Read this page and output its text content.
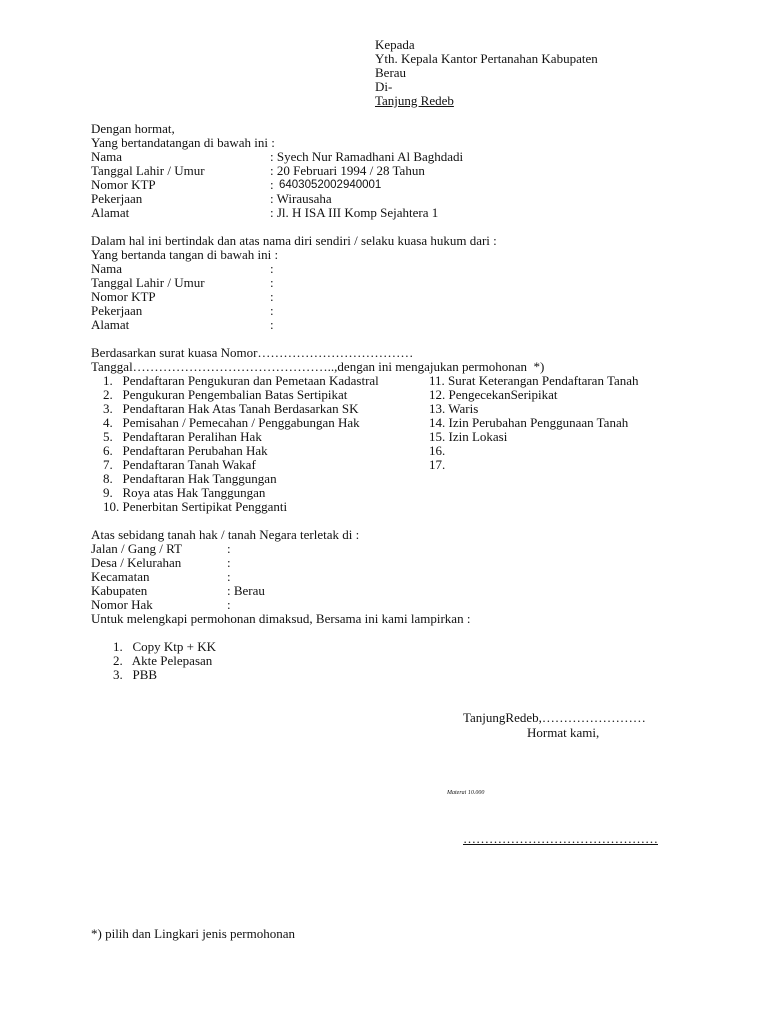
Kepada
Yth. Kepala Kantor Pertanahan Kabupaten
Berau
Di-
Tanjung Redeb
Dengan hormat,
Yang bertandatangan di bawah ini :
Nama	: Syech Nur Ramadhani Al Baghdadi
Tanggal Lahir / Umur	: 20 Februari 1994 / 28 Tahun
Nomor KTP	: 6403052002940001
Pekerjaan	: Wirausaha
Alamat	: Jl. H ISA III Komp Sejahtera 1
Dalam hal ini bertindak dan atas nama diri sendiri / selaku kuasa hukum dari :
Yang bertanda tangan di bawah ini :
Nama	:
Tanggal Lahir / Umur	:
Nomor KTP	:
Pekerjaan	:
Alamat	:
Berdasarkan surat kuasa Nomor………………………………
Tanggal………………………………………..,dengan ini mengajukan permohonan  *)
1.   Pendaftaran Pengukuran dan Pemetaan Kadastral
2.   Pengukuran Pengembalian Batas Sertipikat
3.   Pendaftaran Hak Atas Tanah Berdasarkan SK
4.   Pemisahan / Pemecahan / Penggabungan Hak
5.   Pendaftaran Peralihan Hak
6.   Pendaftaran Perubahan Hak
7.   Pendaftaran Tanah Wakaf
8.   Pendaftaran Hak Tanggungan
9.   Roya atas Hak Tanggungan
10. Penerbitan Sertipikat Pengganti
11. Surat Keterangan Pendaftaran Tanah
12. PengecekanSeripikat
13. Waris
14. Izin Perubahan Penggunaan Tanah
15. Izin Lokasi
16.
17.
Atas sebidang tanah hak / tanah Negara terletak di :
Jalan / Gang / RT	:
Desa / Kelurahan	:
Kecamatan	:
Kabupaten	: Berau
Nomor Hak	:
Untuk melengkapi permohonan dimaksud, Bersama ini kami lampirkan :
1.   Copy Ktp + KK
2.   Akte Pelepasan
3.   PBB
TanjungRedeb,……………………
Hormat kami,
Materai 10.000
………………………………………
*) pilih dan Lingkari jenis permohonan
